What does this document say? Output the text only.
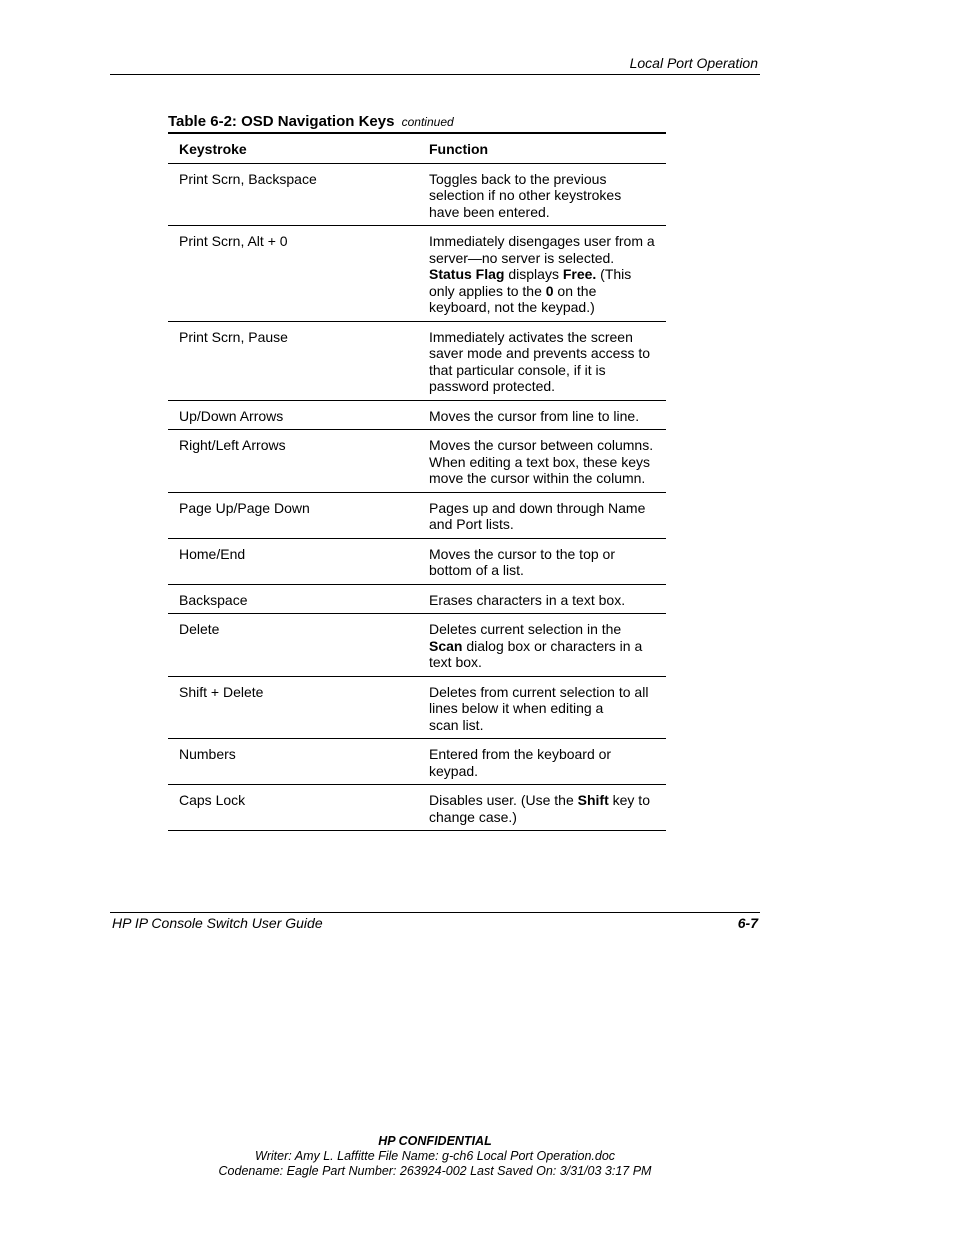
Local Port Operation
Table 6-2: OSD Navigation Keys continued
Keystroke	Function
Print Scrn, Backspace	Toggles back to the previous
selection if no other keystrokes
have been entered.
Print Scrn, Alt + 0	Immediately disengages user from a
server—no server is selected.
Status Flag displays Free. (This
only applies to the 0 on the
keyboard, not the keypad.)
Print Scrn, Pause	Immediately activates the screen
saver mode and prevents access to
that particular console, if it is
password protected.
Up/Down Arrows	Moves the cursor from line to line.
Right/Left Arrows	Moves the cursor between columns.
When editing a text box, these keys
move the cursor within the column.
Page Up/Page Down	Pages up and down through Name
and Port lists.
Home/End	Moves the cursor to the top or
bottom of a list.
Backspace	Erases characters in a text box.
Delete	Deletes current selection in the
Scan dialog box or characters in a
text box.
Shift + Delete	Deletes from current selection to all
lines below it when editing a
scan list.
Numbers	Entered from the keyboard or
keypad.
Caps Lock	Disables user. (Use the Shift key to
change case.)
HP IP Console Switch User Guide	6-7
HP CONFIDENTIAL
Writer: Amy L. Laffitte File Name: g-ch6 Local Port Operation.doc
Codename: Eagle Part Number: 263924-002 Last Saved On: 3/31/03 3:17 PM
